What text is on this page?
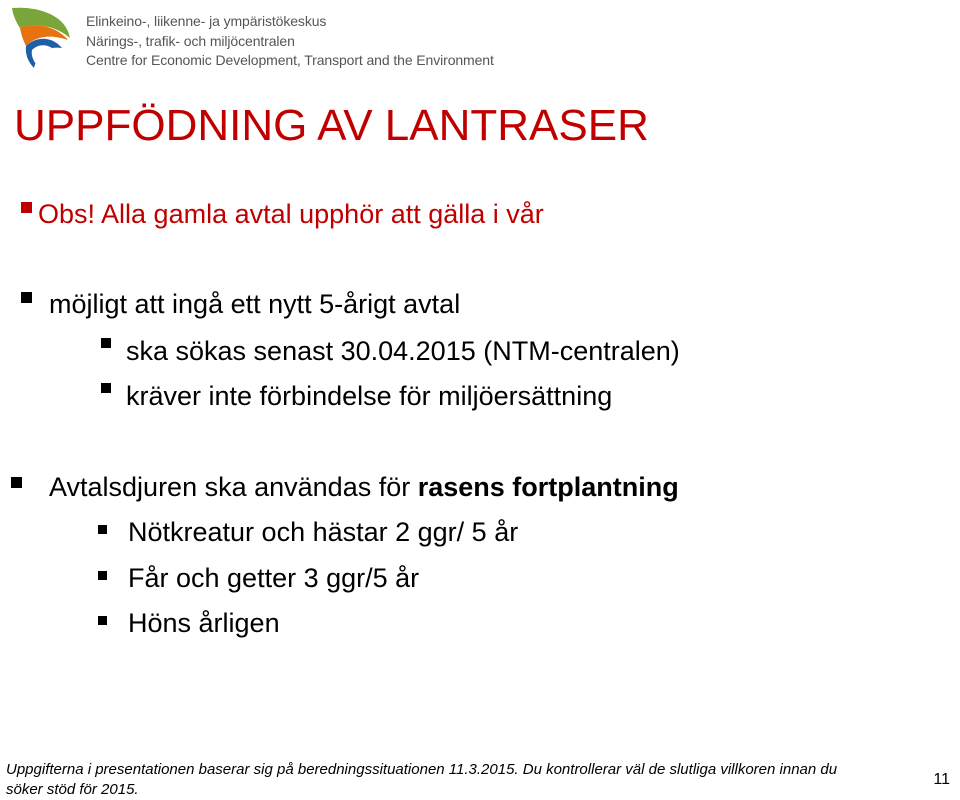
Elinkeino-, liikenne- ja ympäristökeskus
Närings-, trafik- och miljöcentralen
Centre for Economic Development, Transport and the Environment
UPPFÖDNING AV LANTRASER
Obs! Alla gamla avtal upphör att gälla i vår
möjligt att ingå ett nytt 5-årigt avtal
ska sökas senast 30.04.2015 (NTM-centralen)
kräver inte förbindelse för miljöersättning
Avtalsdjuren ska användas för rasens fortplantning
Nötkreatur och hästar 2 ggr/ 5 år
Får och getter 3 ggr/5 år
Höns årligen
Uppgifterna i presentationen baserar sig på beredningssituationen 11.3.2015. Du kontrollerar väl de slutliga villkoren innan du
söker stöd för 2015.
11
